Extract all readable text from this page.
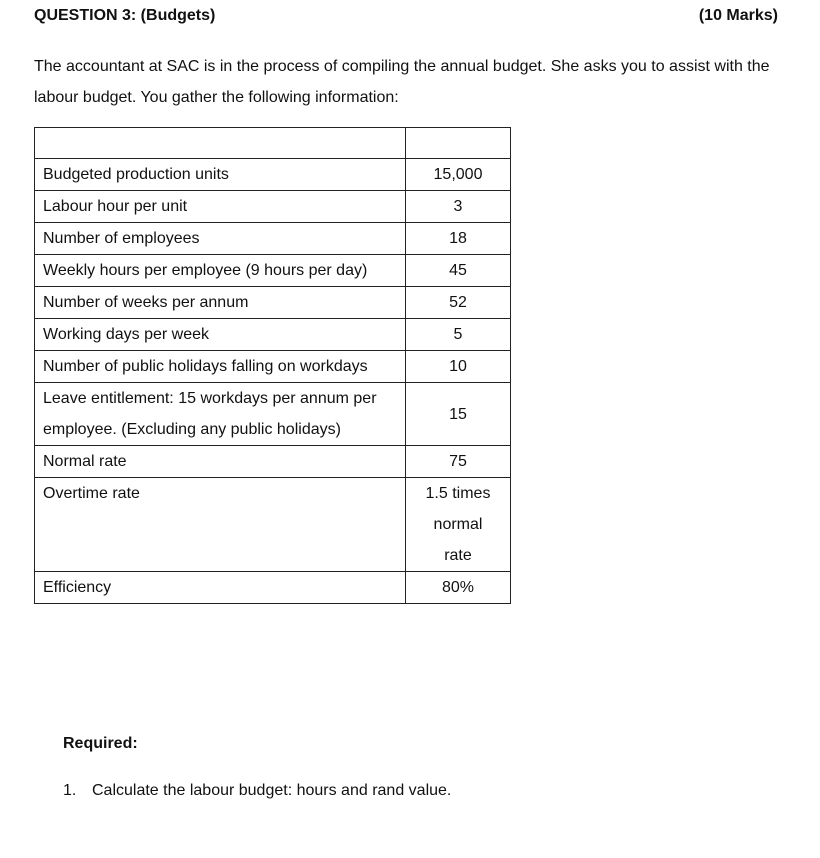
QUESTION 3: (Budgets)	(10 Marks)

The accountant at SAC is in the process of compiling the annual budget. She asks you to assist with the labour budget. You gather the following information:

Budgeted production units	15,000
Labour hour per unit	3
Number of employees	18
Weekly hours per employee (9 hours per day)	45
Number of weeks per annum	52
Working days per week	5
Number of public holidays falling on workdays	10
Leave entitlement: 15 workdays per annum per employee. (Excluding any public holidays)	15
Normal rate	75
Overtime rate	1.5 times
normal
rate

Efficiency	80%
Required:
1. Calculate the labour budget: hours and rand value.
